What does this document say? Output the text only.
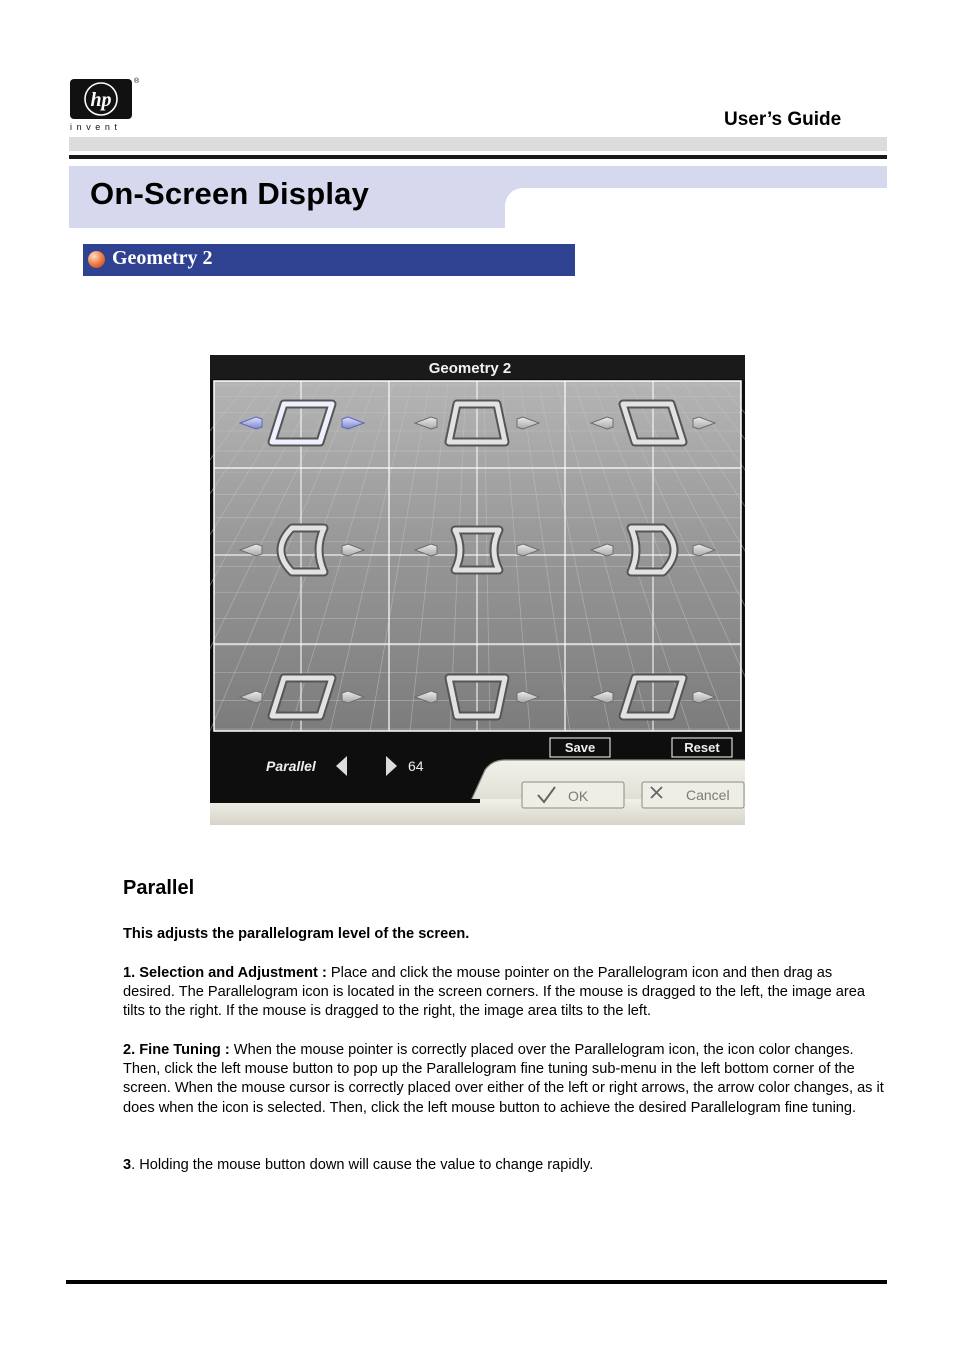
hp
invent
®
User’s Guide
On-Screen Display
Geometry 2
Geometry 2
Save	Reset
Parallel	64
OK	Cancel
Parallel
This adjusts the parallelogram level of the screen.
1. Selection and Adjustment : Place and click the mouse pointer on the Parallelogram icon and then drag as desired. The Parallelogram icon is located in the screen corners. If the mouse is dragged to the left, the image area tilts to the right. If the mouse is dragged to the right, the image area tilts to the left.
2. Fine Tuning : When the mouse pointer is correctly placed over the Parallelogram icon, the icon color changes. Then, click the left mouse button to pop up the Parallelogram fine tuning sub-menu in the left bottom corner of the screen. When the mouse cursor is correctly placed over either of the left or right arrows, the arrow color changes, as it does when the icon is selected. Then, click the left mouse button to achieve the desired Parallelogram fine tuning.
3. Holding the mouse button down will cause the value to change rapidly.
